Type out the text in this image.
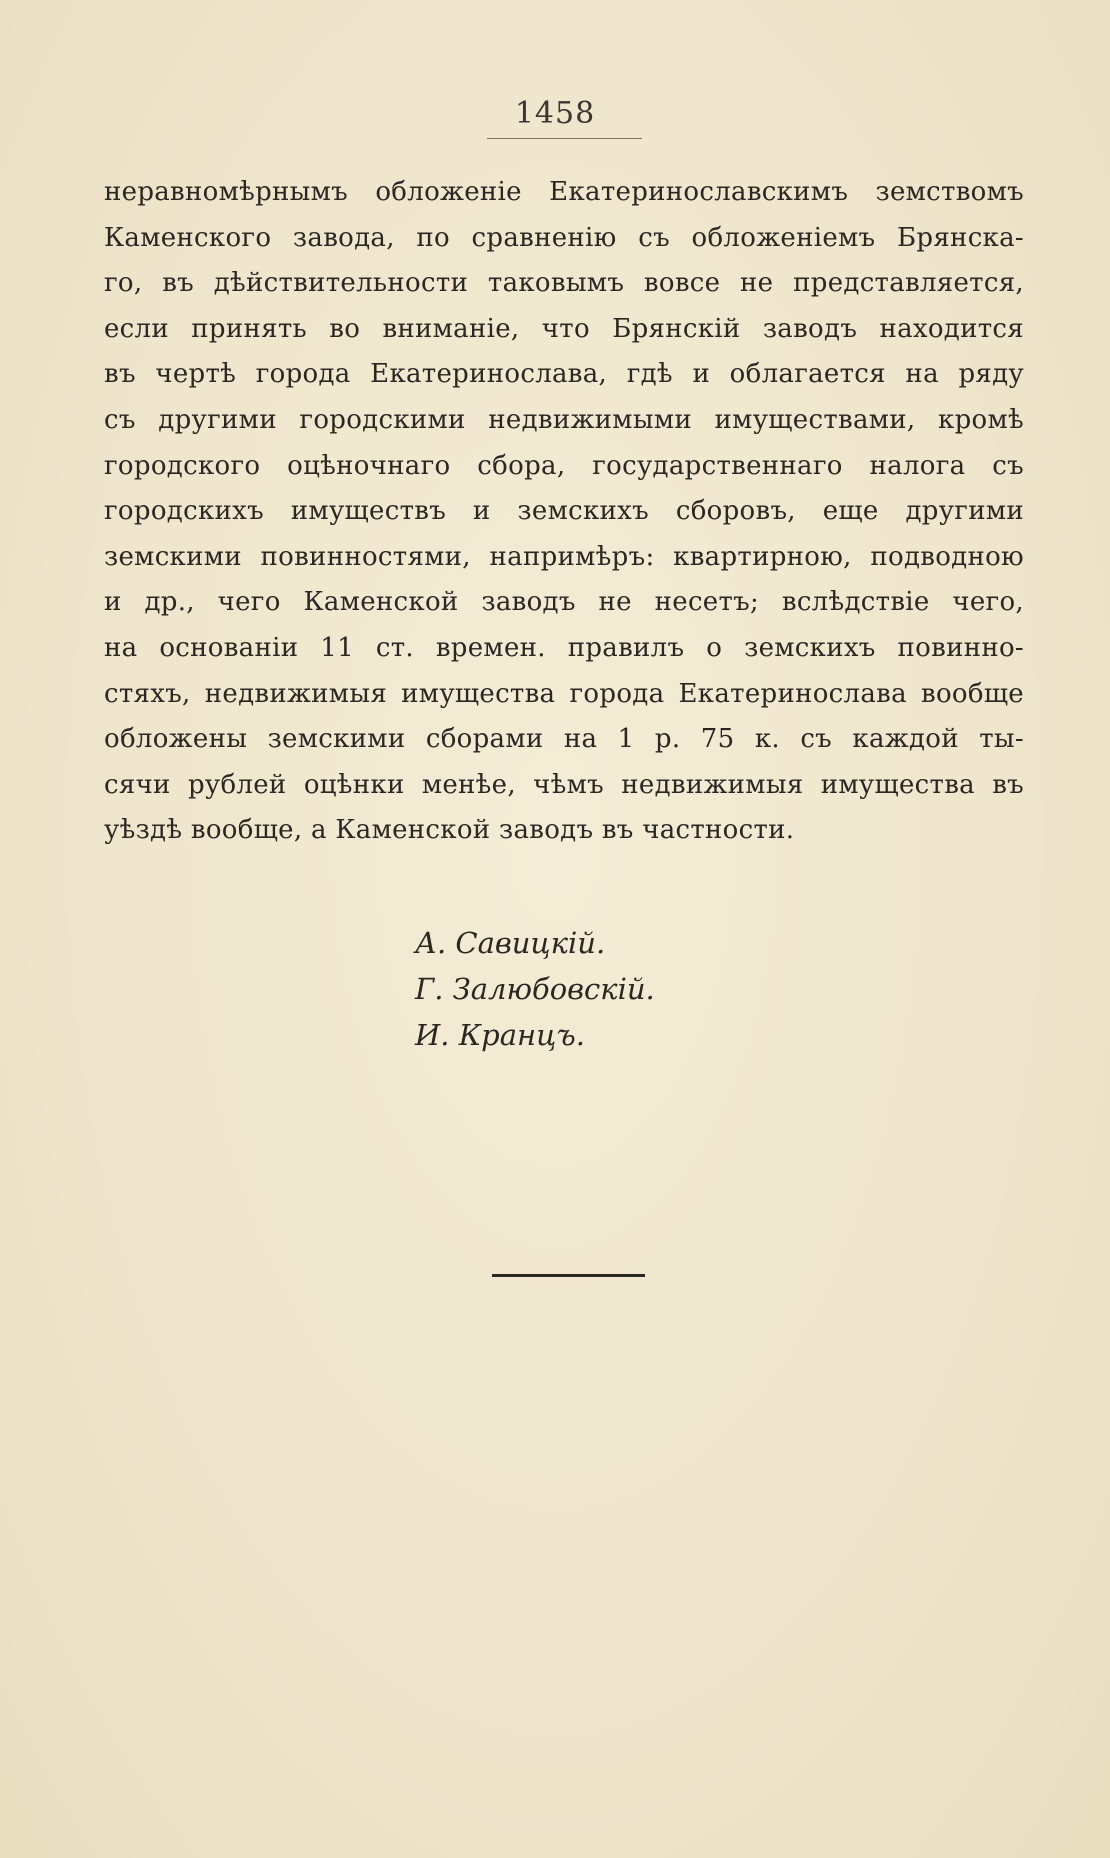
1458
неравномѣрнымъ обложеніе Екатеринославскимъ земствомъ
Каменского завода, по сравненію съ обложеніемъ Брянска-
го, въ дѣйствительности таковымъ вовсе не представляется,
если принять во вниманіе, что Брянскій заводъ находится
въ чертѣ города Екатеринослава, гдѣ и облагается на ряду
съ другими городскими недвижимыми имуществами, кромѣ
городского оцѣночнаго сбора, государственнаго налога съ
городскихъ имуществъ и земскихъ сборовъ, еще другими
земскими повинностями, напримѣръ: квартирною, подводною
и др., чего Каменской заводъ не несетъ; вслѣдствіе чего,
на основаніи 11 ст. времен. правилъ о земскихъ повинно-
стяхъ, недвижимыя имущества города Екатеринослава вообще
обложены земскими сборами на 1 р. 75 к. съ каждой ты-
сячи рублей оцѣнки менѣе, чѣмъ недвижимыя имущества въ
уѣздѣ вообще, а Каменской заводъ въ частности.
А. Савицкій.
Г. Залюбовскій.
И. Кранцъ.
